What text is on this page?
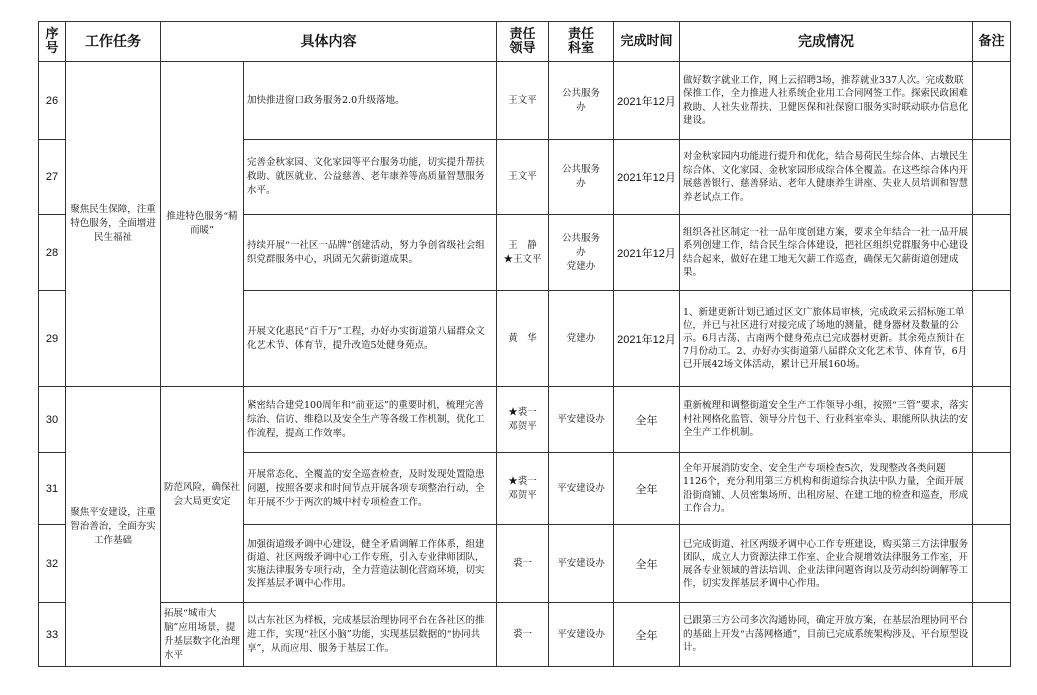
序号	工作任务	具体内容		责任领导	责任科室	完成时间	完成情况	备注
26	聚焦民生保障，注重特色服务，全面增进民生福祉	推进特色服务“精而暖”	加快推进窗口政务服务2.0升级落地。	王文平	公共服务
办	2021年12月	做好数字就业工作，网上云招聘3场，推荐就业337人次。完成数联保推工作，全力推进人社系统企业用工合同网签工作。探索民政困难救助、人社失业帮扶、卫健医保和社保窗口服务实时联动联办信息化建设。	
27			完善金秋家园、文化家园等平台服务功能，切实提升帮扶救助、就医就业、公益慈善、老年康养等高质量智慧服务水平。	王文平	公共服务
办	2021年12月	对金秋家园内功能进行提升和优化，结合易荷民生综合体、古墩民生综合体、文化家园、金秋家园形成综合体全覆盖。在这些综合体内开展慈善银行、慈善驿站、老年人健康养生讲座、失业人员培训和智慧养老试点工作。	
28			持续开展“一社区一品牌”创建活动，努力争创省级社会组织党群服务中心，巩固无欠薪街道成果。	王　静
★王文平	公共服务
办
党建办	2021年12月	组织各社区制定一社一品年度创建方案，要求全年结合一社一品开展系列创建工作，结合民生综合体建设，把社区组织党群服务中心建设结合起来，做好在建工地无欠薪工作巡查，确保无欠薪街道创建成果。	
29			开展文化惠民“百千万”工程，办好办实街道第八届群众文化艺术节、体育节，提升改造5处健身苑点。	黄　华	党建办	2021年12月	1、新建更新计划已通过区文广旅体局审核，完成政采云招标施工单位，并已与社区进行对接完成了场地的测量，健身器材及数量的公示。6月古荡、古南两个健身苑点已完成器材更新。其余苑点预计在7月份动工。2、办好办实街道第八届群众文化艺术节、体育节，6月已开展42场文体活动，累计已开展160场。	
30	聚焦平安建设，注重智治善治，全面夯实工作基础	防范风险，确保社会大局更安定	紧密结合建党100周年和“前亚运”的重要时机，梳理完善综治、信访、维稳以及安全生产等各级工作机制，优化工作流程，提高工作效率。	★裘一
邓贺平	平安建设办	全年	重新梳理和调整街道安全生产工作领导小组，按照“三管”要求，落实村社网格化监管、领导分片包干、行业科室牵头、职能所队执法的安全生产工作机制。	
31			开展常态化、全覆盖的安全巡查检查，及时发现处置隐患问题，按照各要求和时间节点开展各项专项整治行动，全年开展不少于两次的城中村专项检查工作。	★裘一
邓贺平	平安建设办	全年	全年开展消防安全、安全生产专项检查5次，发现整改各类问题1126个，充分利用第三方机构和街道综合执法中队力量，全面开展沿街商铺、人员密集场所、出租房屋、在建工地的检查和巡查，形成工作合力。	
32			加强街道级矛调中心建设，健全矛盾调解工作体系，组建街道、社区两级矛调中心工作专班，引入专业律师团队，实施法律服务专项行动，全力营造法制化营商环境，切实发挥基层矛调中心作用。	裘一	平安建设办	全年	已完成街道、社区两级矛调中心工作专班建设，购买第三方法律服务团队，成立人力资源法律工作室、企业合规增效法律服务工作室，开展各专业领域的普法培训、企业法律问题咨询以及劳动纠纷调解等工作，切实发挥基层矛调中心作用。	
33		拓展“城市大脑”应用场景，提升基层数字化治理水平	以古东社区为样板，完成基层治理协同平台在各社区的推进工作，实现“社区小脑”功能，实现基层数据的“协同共享”，从而应用、服务于基层工作。	裘一	平安建设办	全年	已跟第三方公司多次沟通协同，确定开放方案，在基层治理协同平台的基础上开发“古荡网格通”，目前已完成系统架构涉及、平台原型设计。	
